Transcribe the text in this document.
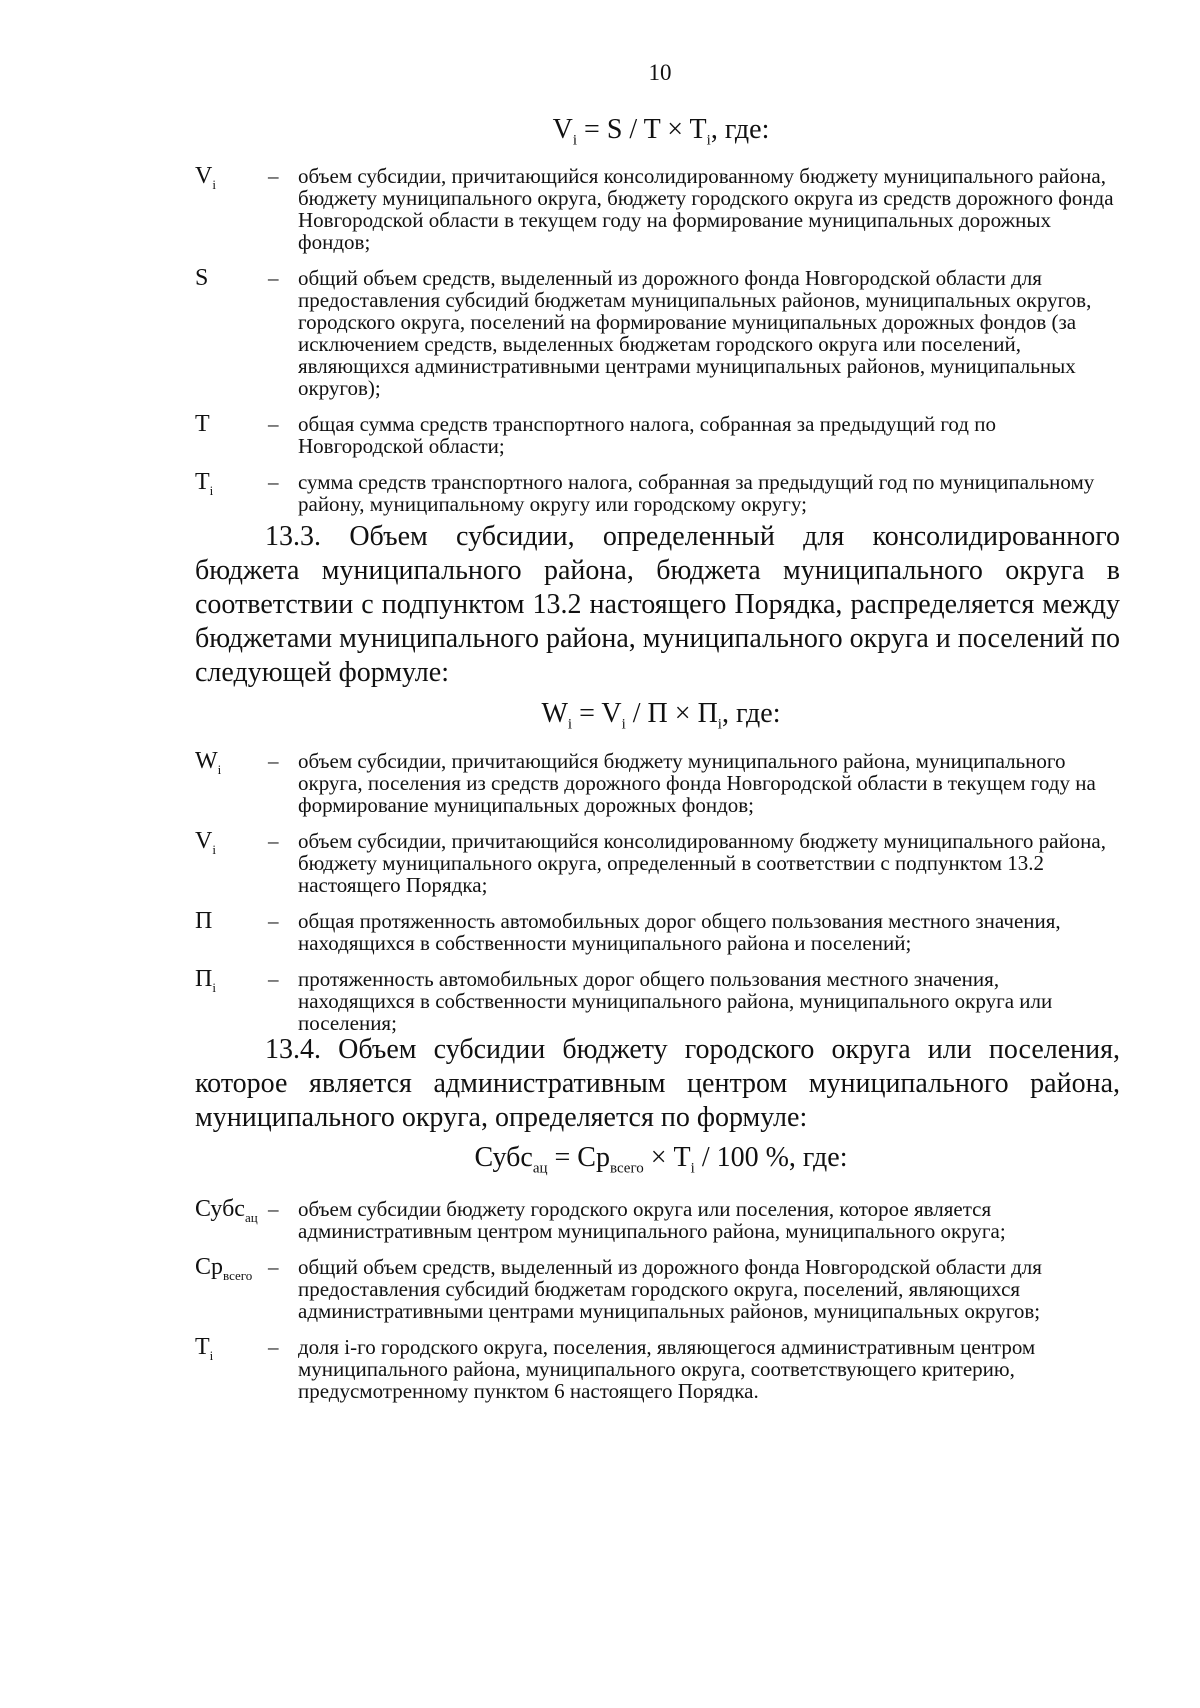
10
$V_i = S / T \times T_i$, где:
$V_i$	– объем субсидии, причитающийся консолидированному бюджету муниципального района, бюджету муниципального округа, бюджету городского округа из средств дорожного фонда Новгородской области в текущем году на формирование муниципальных дорожных фондов;
S	– общий объем средств, выделенный из дорожного фонда Новгородской области для предоставления субсидий бюджетам муниципальных районов, муниципальных округов, городского округа, поселений на формирование муниципальных дорожных фондов (за исключением средств, выделенных бюджетам городского округа или поселений, являющихся административными центрами муниципальных районов, муниципальных округов);
T	– общая сумма средств транспортного налога, собранная за предыдущий год по Новгородской области;
$T_i$	– сумма средств транспортного налога, собранная за предыдущий год по муниципальному району, муниципальному округу или городскому округу;
13.3. Объем субсидии, определенный для консолидированного бюджета муниципального района, бюджета муниципального округа в соответствии с подпунктом 13.2 настоящего Порядка, распределяется между бюджетами муниципального района, муниципального округа и поселений по следующей формуле:
$W_i = V_i / П \times П_i$, где:
$W_i$	– объем субсидии, причитающийся бюджету муниципального района, муниципального округа, поселения из средств дорожного фонда Новгородской области в текущем году на формирование муниципальных дорожных фондов;
$V_i$	– объем субсидии, причитающийся консолидированному бюджету муниципального района, бюджету муниципального округа, определенный в соответствии с подпунктом 13.2 настоящего Порядка;
П	– общая протяженность автомобильных дорог общего пользования местного значения, находящихся в собственности муниципального района и поселений;
$П_i$	– протяженность автомобильных дорог общего пользования местного значения, находящихся в собственности муниципального района, муниципального округа или поселения;
13.4. Объем субсидии бюджету городского округа или поселения, которое является административным центром муниципального района, муниципального округа, определяется по формуле:
Субс$_{ац}$ = $Ср_{всего} \times Т_i / 100$ %, где:
Субс$_{ац}$ – объем субсидии бюджету городского округа или поселения, которое является административным центром муниципального района, муниципального округа;
$Ср_{всего}$ – общий объем средств, выделенный из дорожного фонда Новгородской области для предоставления субсидий бюджетам городского округа, поселений, являющихся административными центрами муниципальных районов, муниципальных округов;
$Т_i$	– доля i-го городского округа, поселения, являющегося административным центром муниципального района, муниципального округа, соответствующего критерию, предусмотренному пунктом 6 настоящего Порядка.
